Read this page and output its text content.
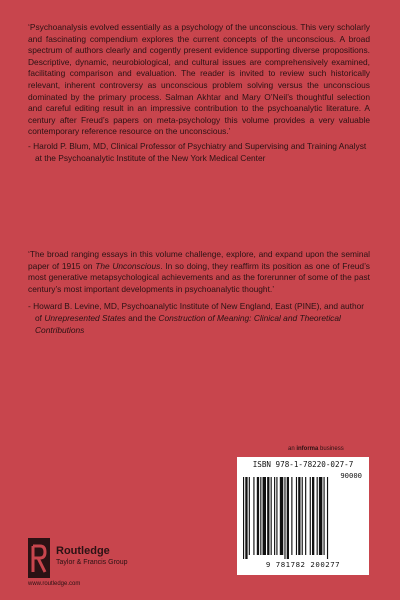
‘Psychoanalysis evolved essentially as a psychology of the unconscious. This very scholarly and fascinating compendium explores the current concepts of the unconscious. A broad spectrum of authors clearly and cogently present evidence supporting diverse propositions. Descriptive, dynamic, neurobiological, and cultural issues are comprehensively examined, facilitating comparison and evaluation. The reader is invited to review such historically relevant, inherent controversy as unconscious problem solving versus the unconscious dominated by the primary process. Salman Akhtar and Mary O’Neil’s thoughtful selection and careful editing result in an impressive contribution to the psychoanalytic literature. A century after Freud’s papers on meta-psychology this volume provides a very valuable contemporary reference resource on the unconscious.’
- Harold P. Blum, MD, Clinical Professor of Psychiatry and Supervising and Training Analyst at the Psychoanalytic Institute of the New York Medical Center
‘The broad ranging essays in this volume challenge, explore, and expand upon the seminal paper of 1915 on The Unconscious. In so doing, they reaffirm its position as one of Freud’s most generative metapsychological achievements and as the forerunner of some of the past century’s most important developments in psychoanalytic thought.’
- Howard B. Levine, MD, Psychoanalytic Institute of New England, East (PINE), and author of Unrepresented States and the Construction of Meaning: Clinical and Theoretical Contributions
an informa business
ISBN 978-1-78220-027-7
90000
9 781782 200277
Routledge
Taylor & Francis Group
www.routledge.com
